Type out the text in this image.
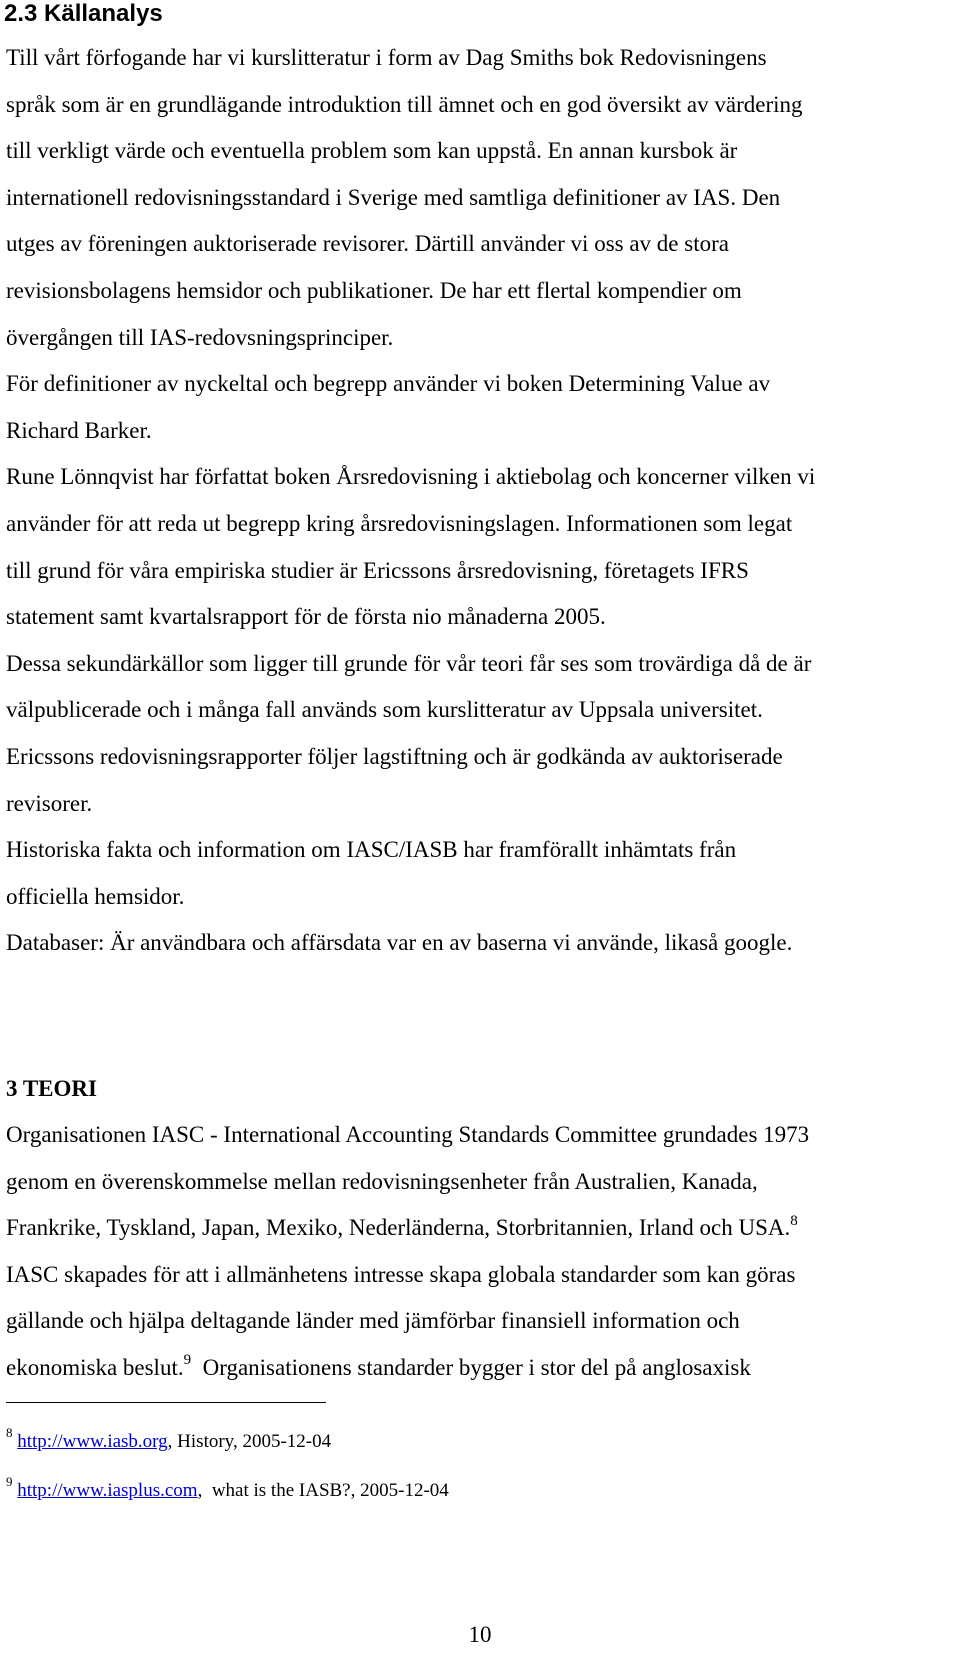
2.3 Källanalys
Till vårt förfogande har vi kurslitteratur i form av Dag Smiths bok Redovisningens
språk som är en grundlägande introduktion till ämnet och en god översikt av värdering
till verkligt värde och eventuella problem som kan uppstå. En annan kursbok är
internationell redovisningsstandard i Sverige med samtliga definitioner av IAS. Den
utges av föreningen auktoriserade revisorer. Därtill använder vi oss av de stora
revisionsbolagens hemsidor och publikationer. De har ett flertal kompendier om
övergången till IAS-redovsningsprinciper.
För definitioner av nyckeltal och begrepp använder vi boken Determining Value av
Richard Barker.
Rune Lönnqvist har författat boken Årsredovisning i aktiebolag och koncerner vilken vi
använder för att reda ut begrepp kring årsredovisningslagen. Informationen som legat
till grund för våra empiriska studier är Ericssons årsredovisning, företagets IFRS
statement samt kvartalsrapport för de första nio månaderna 2005.
Dessa sekundärkällor som ligger till grunde för vår teori får ses som trovärdiga då de är
välpublicerade och i många fall används som kurslitteratur av Uppsala universitet.
Ericssons redovisningsrapporter följer lagstiftning och är godkända av auktoriserade
revisorer.
Historiska fakta och information om IASC/IASB har framförallt inhämtats från
officiella hemsidor.
Databaser: Är användbara och affärsdata var en av baserna vi använde, likaså google.
3 TEORI
Organisationen IASC - International Accounting Standards Committee grundades 1973
genom en överenskommelse mellan redovisningsenheter från Australien, Kanada,
Frankrike, Tyskland, Japan, Mexiko, Nederländerna, Storbritannien, Irland och USA.$^8$
IASC skapades för att i allmänhetens intresse skapa globala standarder som kan göras
gällande och hjälpa deltagande länder med jämförbar finansiell information och
ekonomiska beslut.$^9$  Organisationens standarder bygger i stor del på anglosaxisk

$^8$ http://www.iasb.org, History, 2005-12-04

$^9$ http://www.iasplus.com,  what is the IASB?, 2005-12-04

10
